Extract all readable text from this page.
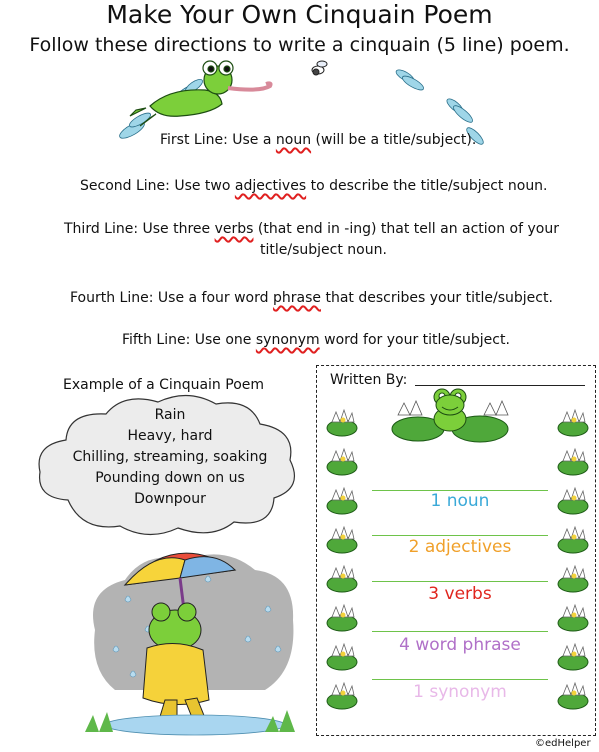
Make Your Own Cinquain Poem
Follow these directions to write a cinquain (5 line) poem.
First Line: Use a noun (will be a title/subject).
Second Line: Use two adjectives to describe the title/subject noun.
Third Line: Use three verbs (that end in -ing) that tell an action of your
title/subject noun.
Fourth Line: Use a four word phrase that describes your title/subject.
Fifth Line: Use one synonym word for your title/subject.
Example of a Cinquain Poem
Rain
Heavy, hard
Chilling, streaming, soaking
Pounding down on us
Downpour
Written By:
1 noun
2 adjectives
3 verbs
4 word phrase
1 synonym
©edHelper
